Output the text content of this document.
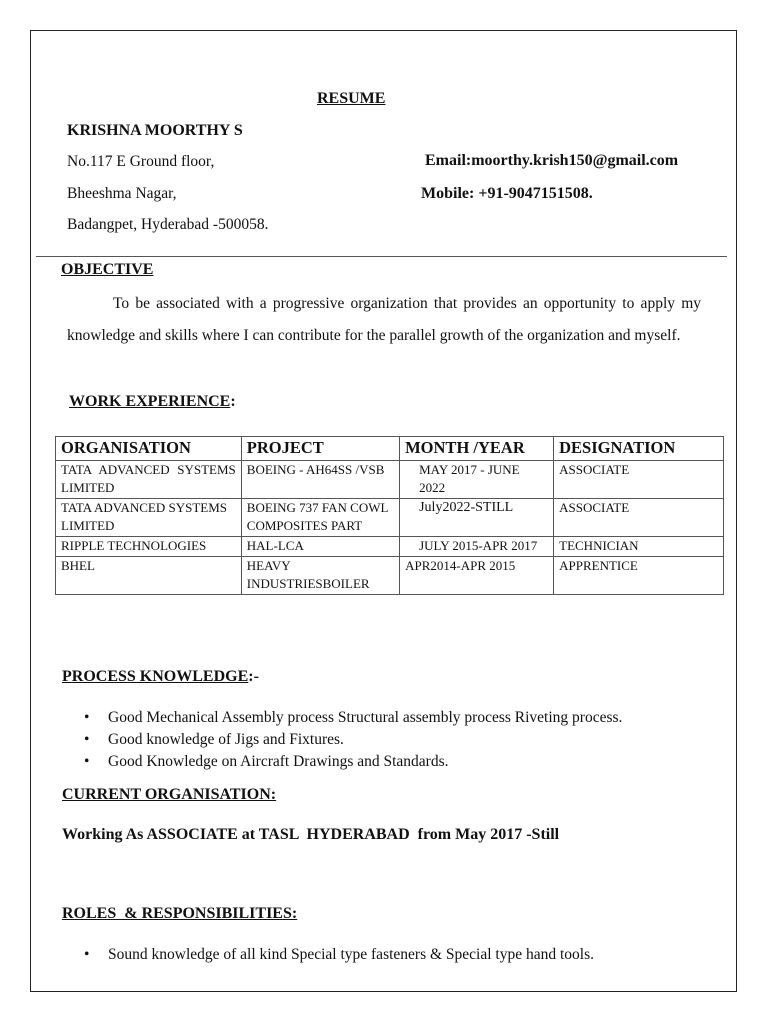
RESUME
KRISHNA MOORTHY S
No.117 E Ground floor,
Bheeshma Nagar,
Badangpet, Hyderabad -500058.
Email:moorthy.krish150@gmail.com
Mobile: +91-9047151508.
OBJECTIVE
To be associated with a progressive organization that provides an opportunity to apply my knowledge and skills where I can contribute for the parallel growth of the organization and myself.
WORK EXPERIENCE:
ORGANISATION	PROJECT	MONTH /YEAR	DESIGNATION
TATA ADVANCED SYSTEMS LIMITED	BOEING - AH64SS /VSB	MAY 2017 - JUNE 2022	ASSOCIATE
TATA ADVANCED SYSTEMS LIMITED	BOEING 737 FAN COWL COMPOSITES PART	July2022-STILL	ASSOCIATE
RIPPLE TECHNOLOGIES	HAL-LCA	JULY 2015-APR 2017	TECHNICIAN
BHEL	HEAVY INDUSTRIESBOILER	APR2014-APR 2015	APPRENTICE
PROCESS KNOWLEDGE:-
• Good Mechanical Assembly process Structural assembly process Riveting process.
• Good knowledge of Jigs and Fixtures.
• Good Knowledge on Aircraft Drawings and Standards.
CURRENT ORGANISATION:
Working As ASSOCIATE at TASL  HYDERABAD  from May 2017 -Still
ROLES  & RESPONSIBILITIES:
• Sound knowledge of all kind Special type fasteners & Special type hand tools.
